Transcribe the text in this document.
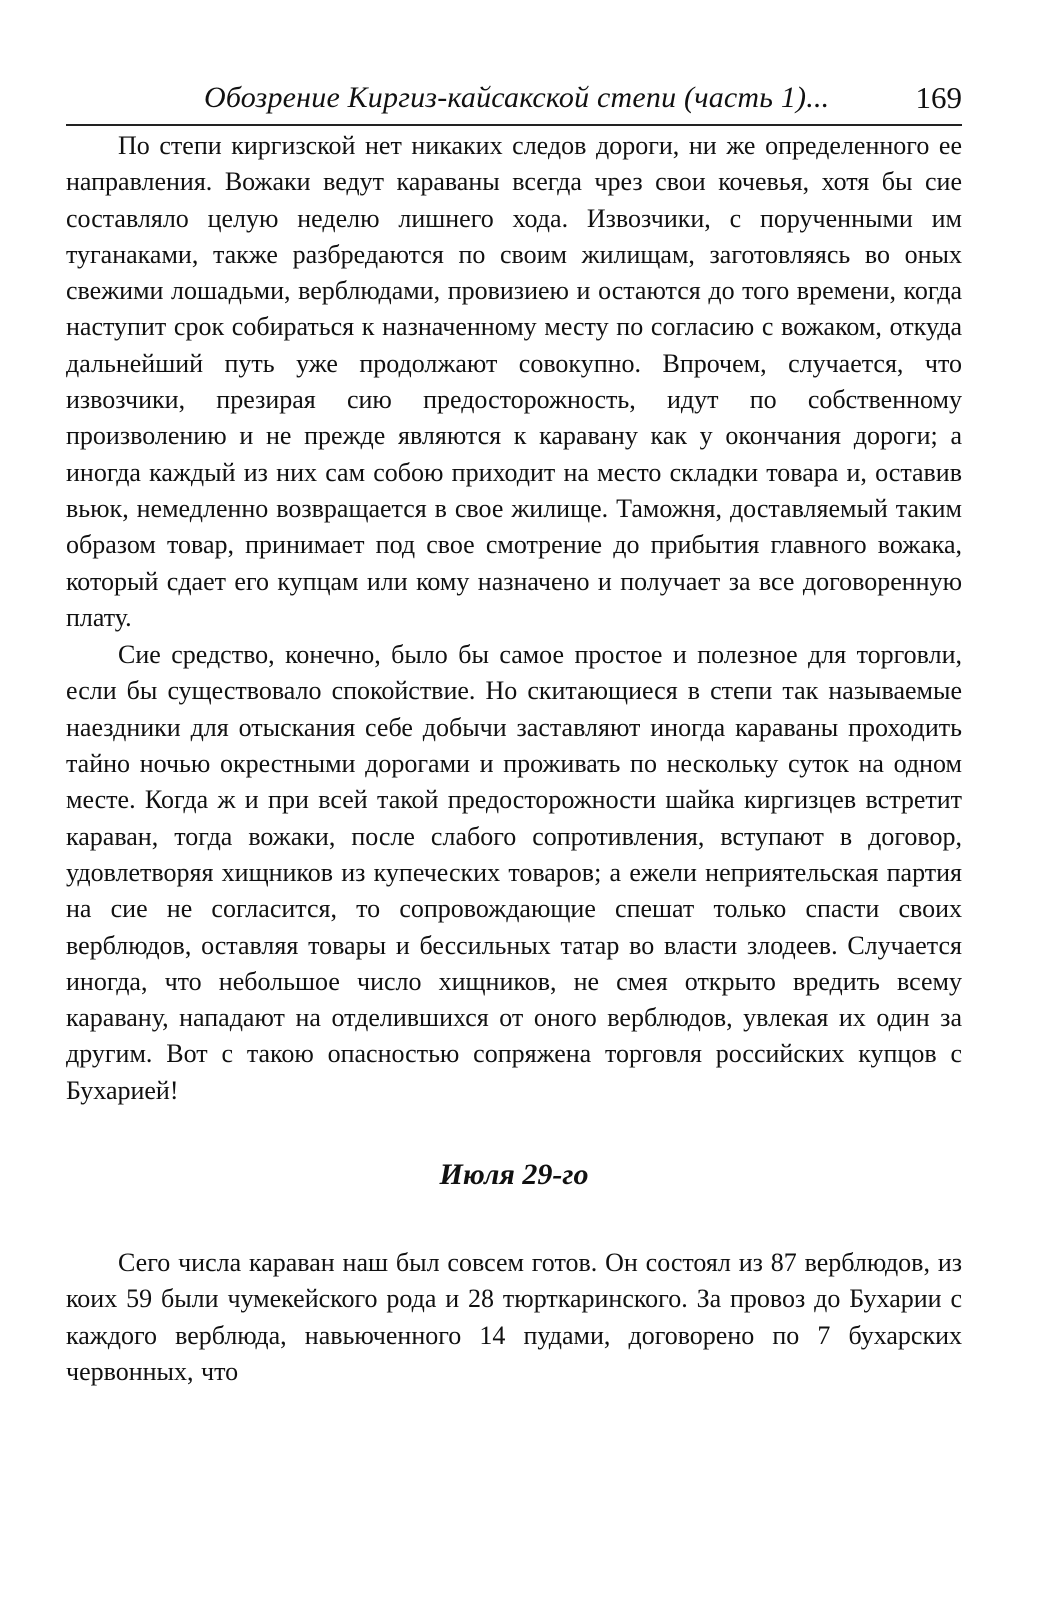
Обозрение Киргиз-кайсакской степи (часть 1)...	169

По степи киргизской нет никаких следов дороги, ни же определенного ее направления. Вожаки ведут караваны всегда чрез свои кочевья, хотя бы сие составляло целую неделю лишнего хода. Извозчики, с порученными им туганаками, также разбредаются по своим жилищам, заготовляясь во оных свежими лошадьми, верблюдами, провизиею и остаются до того времени, когда наступит срок собираться к назначенному месту по согласию с вожаком, откуда дальнейший путь уже продолжают совокупно. Впрочем, случается, что извозчики, презирая сию предосторожность, идут по собственному произволению и не прежде являются к каравану как у окончания дороги; а иногда каждый из них сам собою приходит на место складки товара и, оставив вьюк, немедленно возвращается в свое жилище. Таможня, доставляемый таким образом товар, принимает под свое смотрение до прибытия главного вожака, который сдает его купцам или кому назначено и получает за все договоренную плату.

Сие средство, конечно, было бы самое простое и полезное для торговли, если бы существовало спокойствие. Но скитающиеся в степи так называемые наездники для отыскания себе добычи заставляют иногда караваны проходить тайно ночью окрестными дорогами и проживать по нескольку суток на одном месте. Когда ж и при всей такой предосторожности шайка киргизцев встретит караван, тогда вожаки, после слабого сопротивления, вступают в договор, удовлетворяя хищников из купеческих товаров; а ежели неприятельская партия на сие не согласится, то сопровождающие спешат только спасти своих верблюдов, оставляя товары и бессильных татар во власти злодеев. Случается иногда, что небольшое число хищников, не смея открыто вредить всему каравану, нападают на отделившихся от оного верблюдов, увлекая их один за другим. Вот с такою опасностью сопряжена торговля российских купцов с Бухарией!

Июля 29-го

Сего числа караван наш был совсем готов. Он состоял из 87 верблюдов, из коих 59 были чумекейского рода и 28 тюрткаринского. За провоз до Бухарии с каждого верблюда, навьюченного 14 пудами, договорено по 7 бухарских червонных, что
